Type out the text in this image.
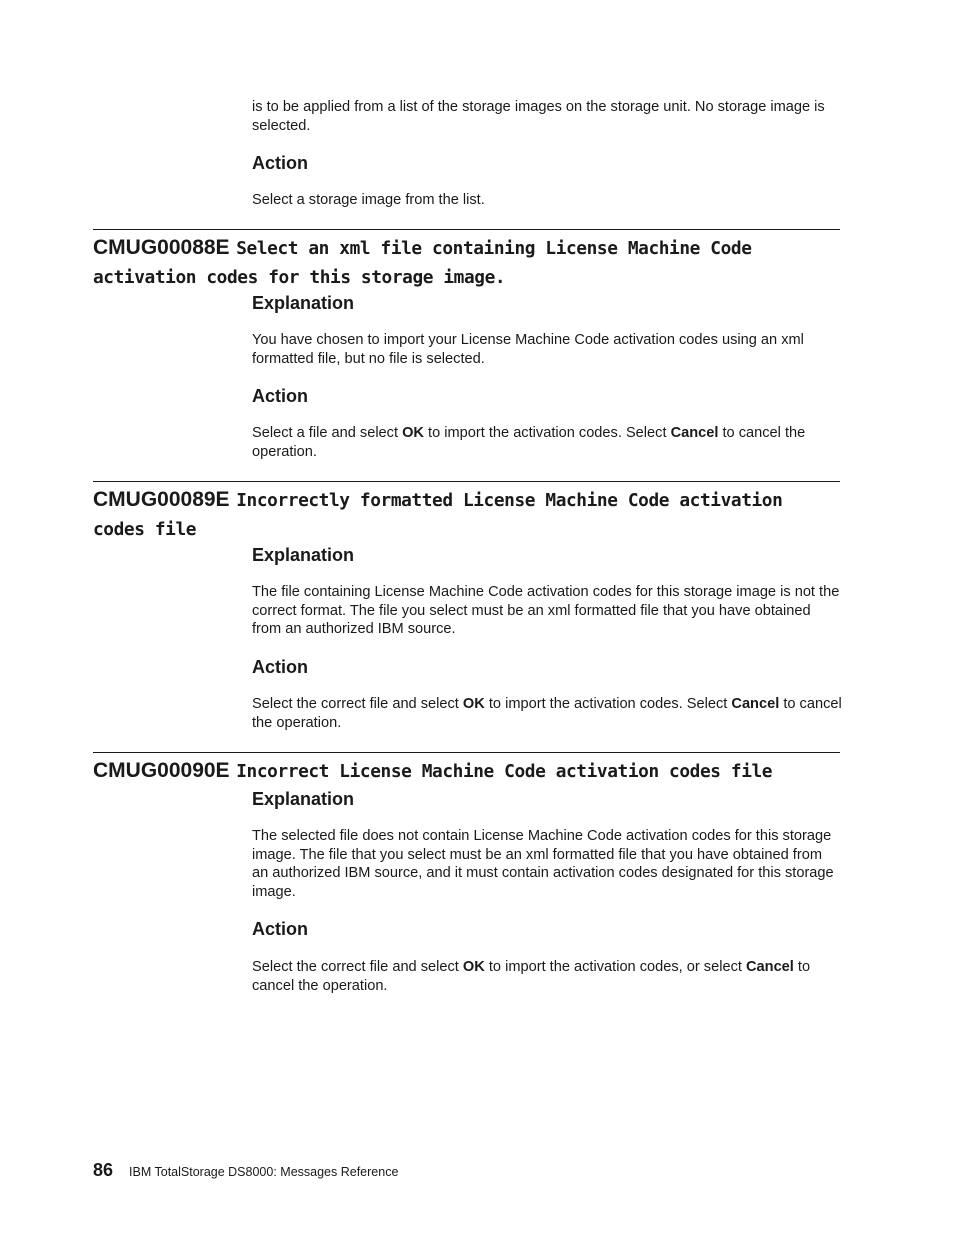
is to be applied from a list of the storage images on the storage unit. No storage image is selected.

Action

Select a storage image from the list.

CMUG00088E Select an xml file containing License Machine Code activation codes for this storage image.
Explanation

You have chosen to import your License Machine Code activation codes using an xml formatted file, but no file is selected.

Action

Select a file and select OK to import the activation codes. Select Cancel to cancel the operation.

CMUG00089E Incorrectly formatted License Machine Code activation codes file
Explanation

The file containing License Machine Code activation codes for this storage image is not the correct format. The file you select must be an xml formatted file that you have obtained from an authorized IBM source.

Action

Select the correct file and select OK to import the activation codes. Select Cancel to cancel the operation.

CMUG00090E Incorrect License Machine Code activation codes file
Explanation

The selected file does not contain License Machine Code activation codes for this storage image. The file that you select must be an xml formatted file that you have obtained from an authorized IBM source, and it must contain activation codes designated for this storage image.

Action

Select the correct file and select OK to import the activation codes, or select Cancel to cancel the operation.

86 IBM TotalStorage DS8000: Messages Reference
